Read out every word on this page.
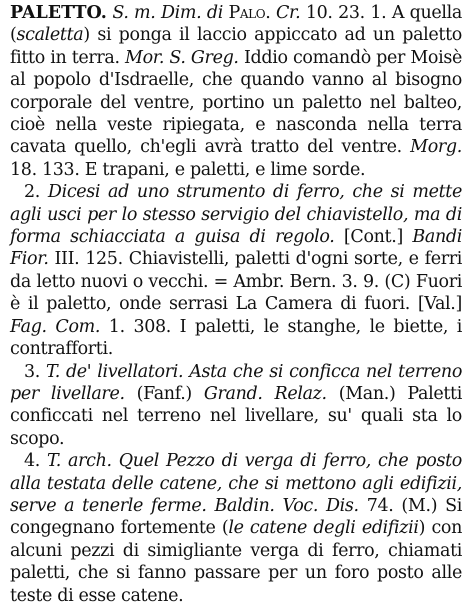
PALETTO. S. m. Dim. di Palo. Cr. 10. 23. 1. A quella (scaletta) si ponga il laccio appiccato ad un paletto fitto in terra. Mor. S. Greg. Iddio comandò per Moisè al popolo d'Isdraelle, che quando vanno al bisogno corporale del ventre, portino un paletto nel balteo, cioè nella veste ripiegata, e nasconda nella terra cavata quello, ch'egli avrà tratto del ventre. Morg. 18. 133. E trapani, e paletti, e lime sorde.

2. Dicesi ad uno strumento di ferro, che si mette agli usci per lo stesso servigio del chiavistello, ma di forma schiacciata a guisa di regolo. [Cont.] Bandi Fior. III. 125. Chiavistelli, paletti d'ogni sorte, e ferri da letto nuovi o vecchi. = Ambr. Bern. 3. 9. (C) Fuori è il paletto, onde serrasi La Camera di fuori. [Val.] Fag. Com. 1. 308. I paletti, le stanghe, le biette, i contrafforti.

3. T. de' livellatori. Asta che si conficca nel terreno per livellare. (Fanf.) Grand. Relaz. (Man.) Paletti conficcati nel terreno nel livellare, su' quali sta lo scopo.

4. T. arch. Quel Pezzo di verga di ferro, che posto alla testata delle catene, che si mettono agli edifizii, serve a tenerle ferme. Baldin. Voc. Dis. 74. (M.) Si congegnano fortemente (le catene degli edifizii) con alcuni pezzi di simigliante verga di ferro, chiamati paletti, che si fanno passare per un foro posto alle teste di esse catene.
